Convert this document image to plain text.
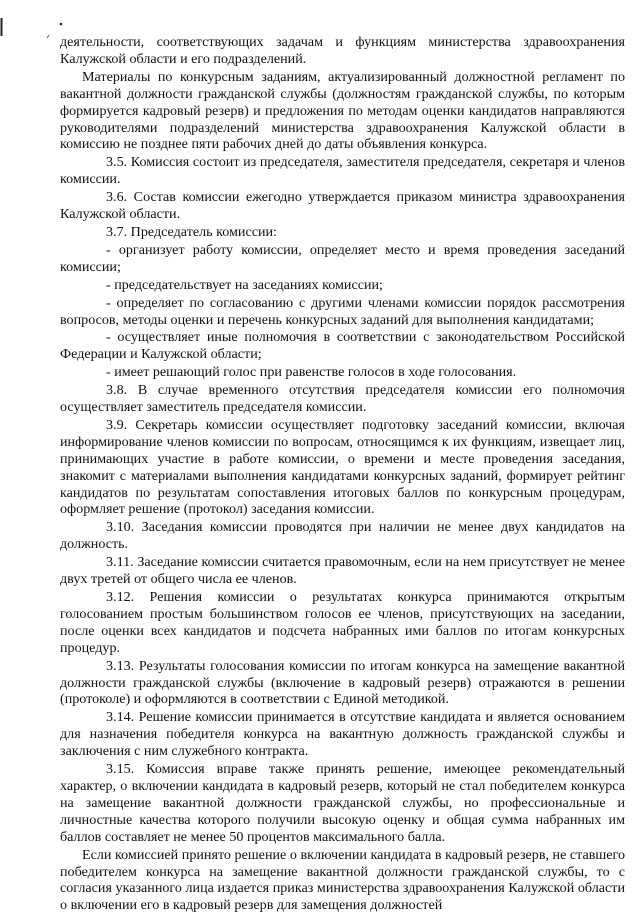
деятельности, соответствующих задачам и функциям министерства здравоохранения Калужской области и его подразделений.

Материалы по конкурсным заданиям, актуализированный должностной регламент по вакантной должности гражданской службы (должностям гражданской службы, по которым формируется кадровый резерв) и предложения по методам оценки кандидатов направляются руководителями подразделений министерства здравоохранения Калужской области в комиссию не позднее пяти рабочих дней до даты объявления конкурса.

3.5. Комиссия состоит из председателя, заместителя председателя, секретаря и членов комиссии.

3.6. Состав комиссии ежегодно утверждается приказом министра здравоохранения Калужской области.

3.7. Председатель комиссии:

- организует работу комиссии, определяет место и время проведения заседаний комиссии;

- председательствует на заседаниях комиссии;

- определяет по согласованию с другими членами комиссии порядок рассмотрения вопросов, методы оценки и перечень конкурсных заданий для выполнения кандидатами;

- осуществляет иные полномочия в соответствии с законодательством Российской Федерации и Калужской области;

- имеет решающий голос при равенстве голосов в ходе голосования.

3.8. В случае временного отсутствия председателя комиссии его полномочия осуществляет заместитель председателя комиссии.

3.9. Секретарь комиссии осуществляет подготовку заседаний комиссии, включая информирование членов комиссии по вопросам, относящимся к их функциям, извещает лиц, принимающих участие в работе комиссии, о времени и месте проведения заседания, знакомит с материалами выполнения кандидатами конкурсных заданий, формирует рейтинг кандидатов по результатам сопоставления итоговых баллов по конкурсным процедурам, оформляет решение (протокол) заседания комиссии.

3.10. Заседания комиссии проводятся при наличии не менее двух кандидатов на должность.

3.11. Заседание комиссии считается правомочным, если на нем присутствует не менее двух третей от общего числа ее членов.

3.12. Решения комиссии о результатах конкурса принимаются открытым голосованием простым большинством голосов ее членов, присутствующих на заседании, после оценки всех кандидатов и подсчета набранных ими баллов по итогам конкурсных процедур.

3.13. Результаты голосования комиссии по итогам конкурса на замещение вакантной должности гражданской службы (включение в кадровый резерв) отражаются в решении (протоколе) и оформляются в соответствии с Единой методикой.

3.14. Решение комиссии принимается в отсутствие кандидата и является основанием для назначения победителя конкурса на вакантную должность гражданской службы и заключения с ним служебного контракта.

3.15. Комиссия вправе также принять решение, имеющее рекомендательный характер, о включении кандидата в кадровый резерв, который не стал победителем конкурса на замещение вакантной должности гражданской службы, но профессиональные и личностные качества которого получили высокую оценку и общая сумма набранных им баллов составляет не менее 50 процентов максимального балла.

Если комиссией принято решение о включении кандидата в кадровый резерв, не ставшего победителем конкурса на замещение вакантной должности гражданской службы, то с согласия указанного лица издается приказ министерства здравоохранения Калужской области о включении его в кадровый резерв для замещения должностей
